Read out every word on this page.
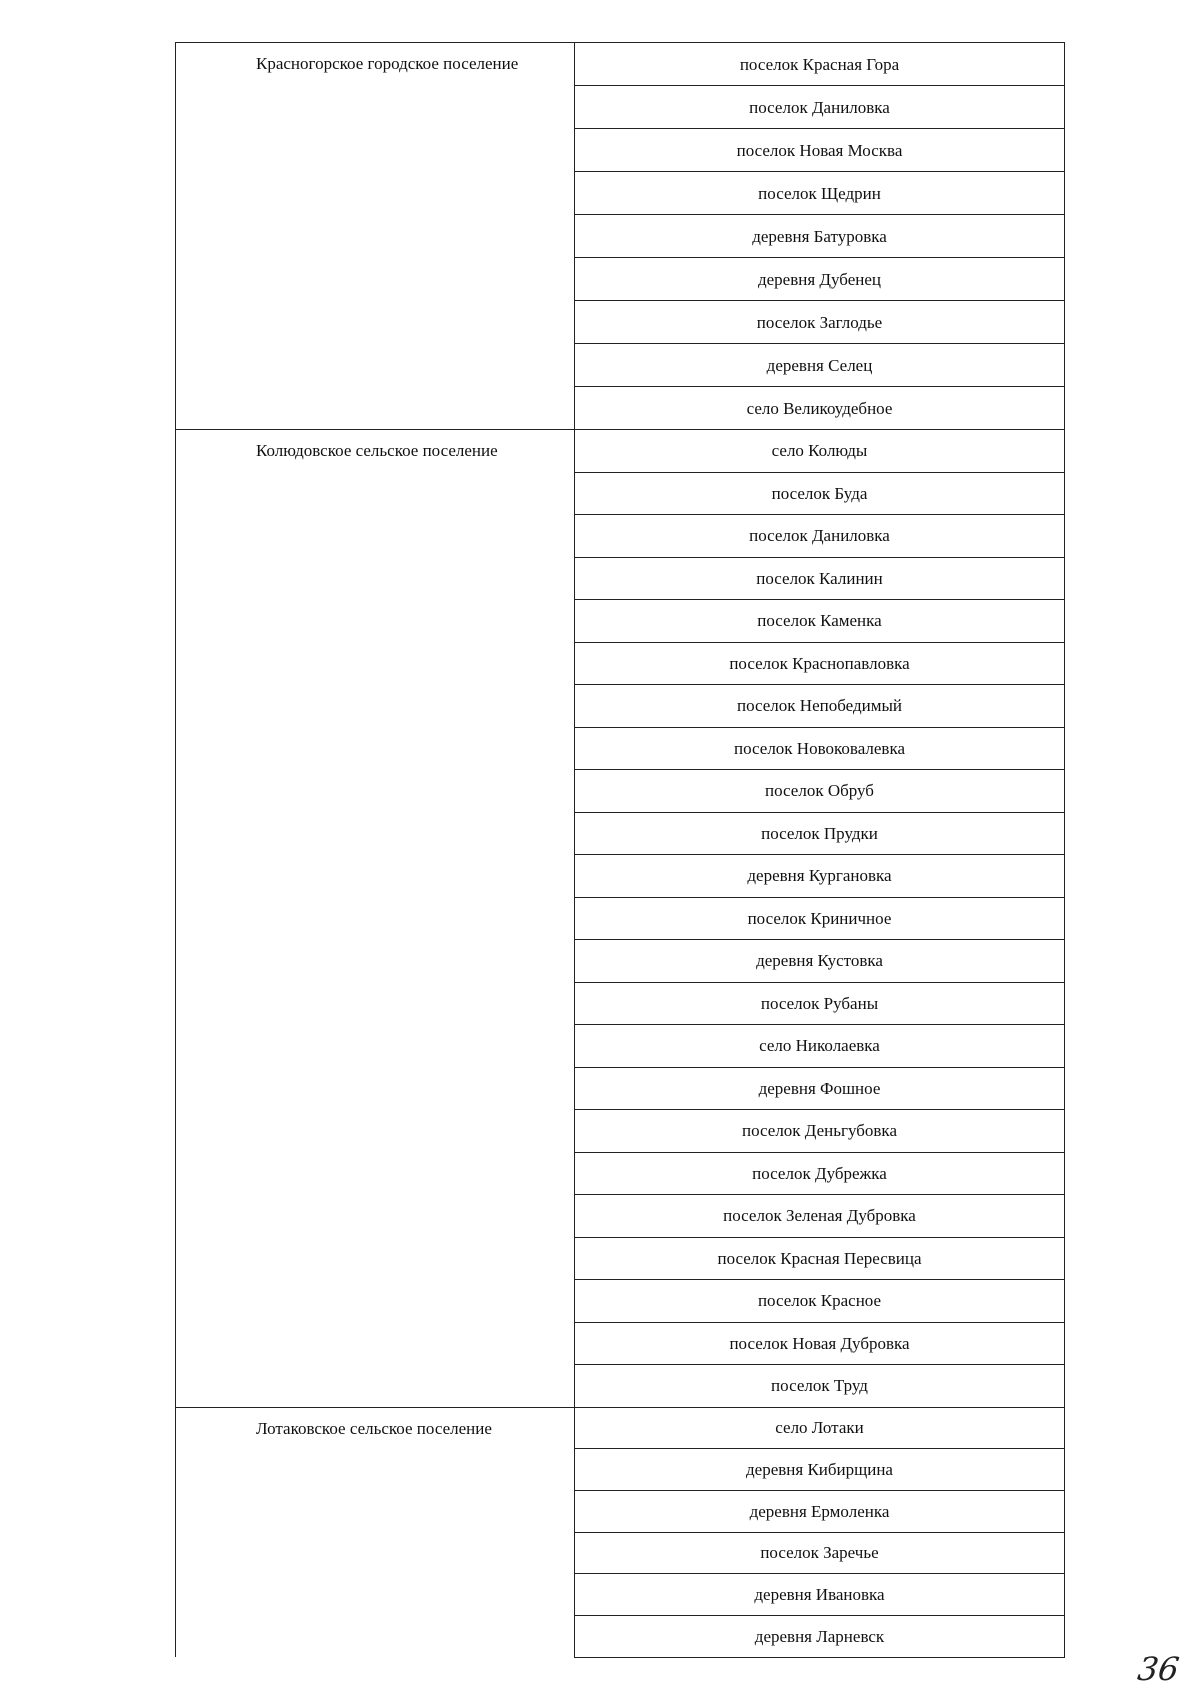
Красногорское городское поселение	поселок Красная Гора
	поселок Даниловка
	поселок Новая Москва
	поселок Щедрин
	деревня Батуровка
	деревня Дубенец
	поселок Заглодье
	деревня Селец
	село Великоудебное
Колюдовское сельское поселение	село Колюды
	поселок Буда
	поселок Даниловка
	поселок Калинин
	поселок Каменка
	поселок Краснопавловка
	поселок Непобедимый
	поселок Новоковалевка
	поселок Обруб
	поселок Прудки
	деревня Кургановка
	поселок Криничное
	деревня Кустовка
	поселок Рубаны
	село Николаевка
	деревня Фошное
	поселок Деньгубовка
	поселок Дубрежка
	поселок Зеленая Дубровка
	поселок Красная Пересвица
	поселок Красное
	поселок Новая Дубровка
	поселок Труд
Лотаковское сельское поселение	село Лотаки
	деревня Кибирщина
	деревня Ермоленка
	поселок Заречье
	деревня Ивановка
	деревня Ларневск
36
